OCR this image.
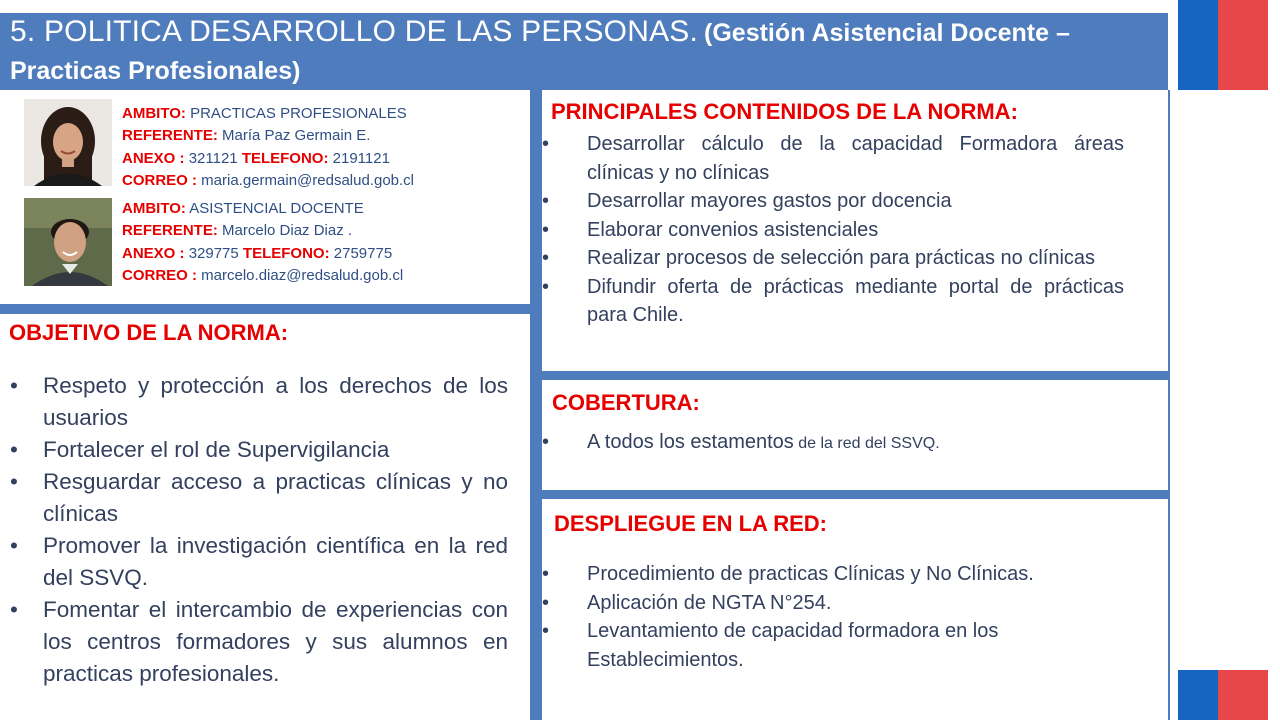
5. POLITICA DESARROLLO DE LAS PERSONAS. (Gestión Asistencial Docente –
Practicas Profesionales)
AMBITO: PRACTICAS PROFESIONALES
REFERENTE: María Paz Germain E.
ANEXO : 321121 TELEFONO: 2191121
CORREO : maria.germain@redsalud.gob.cl
AMBITO: ASISTENCIAL DOCENTE
REFERENTE: Marcelo Diaz Diaz .
ANEXO : 329775 TELEFONO: 2759775
CORREO : marcelo.diaz@redsalud.gob.cl
OBJETIVO DE LA NORMA:
• Respeto y protección a los derechos de los usuarios
• Fortalecer el rol de Supervigilancia
• Resguardar acceso a practicas clínicas y no clínicas
• Promover la investigación científica en la red del SSVQ.
• Fomentar el intercambio de experiencias con los centros formadores y sus alumnos en practicas profesionales.
PRINCIPALES CONTENIDOS DE LA NORMA:
• Desarrollar cálculo de la capacidad Formadora áreas clínicas y no clínicas
• Desarrollar mayores gastos por docencia
• Elaborar convenios asistenciales
• Realizar procesos de selección para prácticas no clínicas
• Difundir oferta de prácticas mediante portal de prácticas para Chile.
COBERTURA:
• A todos los estamentos de la red del SSVQ.
DESPLIEGUE EN LA RED:
• Procedimiento de practicas Clínicas y No Clínicas.
• Aplicación de NGTA N°254.
• Levantamiento de capacidad formadora en los Establecimientos.
